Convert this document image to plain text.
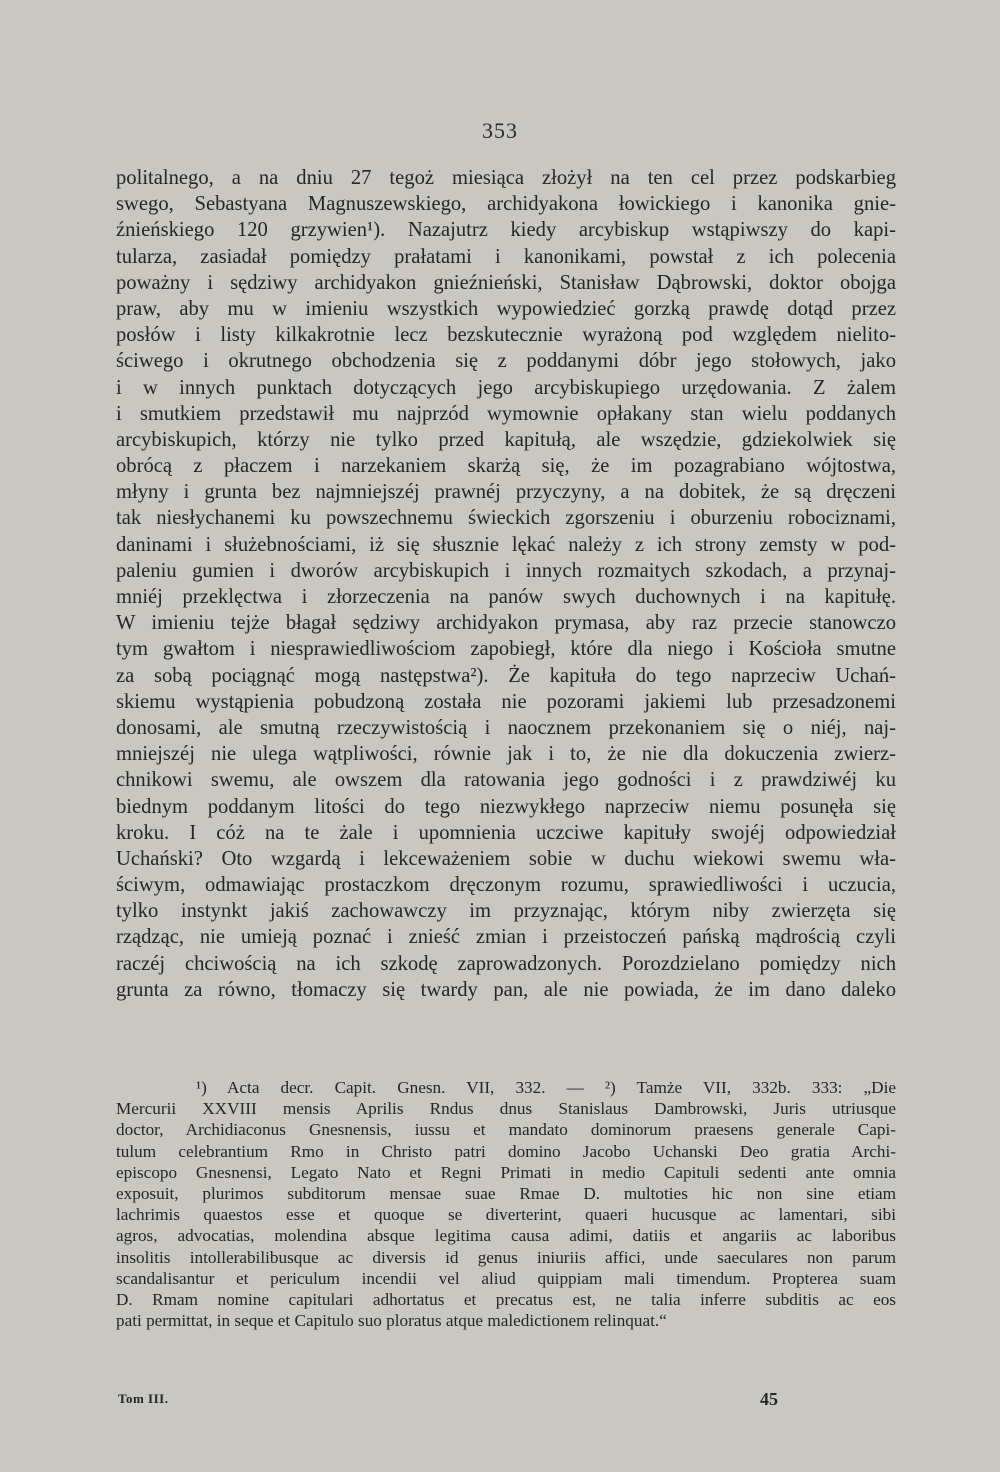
353
politalnego, a na dniu 27 tegoż miesiąca złożył na ten cel przez podskarbieg
swego, Sebastyana Magnuszewskiego, archidyakona łowickiego i kanonika gnie-
źnieńskiego 120 grzywien¹). Nazajutrz kiedy arcybiskup wstąpiwszy do kapi-
tularza, zasiadał pomiędzy prałatami i kanonikami, powstał z ich polecenia
poważny i sędziwy archidyakon gnieźnieński, Stanisław Dąbrowski, doktor obojga
praw, aby mu w imieniu wszystkich wypowiedzieć gorzką prawdę dotąd przez
posłów i listy kilkakrotnie lecz bezskutecznie wyrażoną pod względem nielito-
ściwego i okrutnego obchodzenia się z poddanymi dóbr jego stołowych, jako
i w innych punktach dotyczących jego arcybiskupiego urzędowania. Z żalem
i smutkiem przedstawił mu najprzód wymownie opłakany stan wielu poddanych
arcybiskupich, którzy nie tylko przed kapitułą, ale wszędzie, gdziekolwiek się
obrócą z płaczem i narzekaniem skarżą się, że im pozagrabiano wójtostwa,
młyny i grunta bez najmniejszéj prawnéj przyczyny, a na dobitek, że są dręczeni
tak niesłychanemi ku powszechnemu świeckich zgorszeniu i oburzeniu robociznami,
daninami i służebnościami, iż się słusznie lękać należy z ich strony zemsty w pod-
paleniu gumien i dworów arcybiskupich i innych rozmaitych szkodach, a przynaj-
mniéj przeklęctwa i złorzeczenia na panów swych duchownych i na kapitułę.
W imieniu tejże błagał sędziwy archidyakon prymasa, aby raz przecie stanowczo
tym gwałtom i niesprawiedliwościom zapobiegł, które dla niego i Kościoła smutne
za sobą pociągnąć mogą następstwa²). Że kapituła do tego naprzeciw Uchań-
skiemu wystąpienia pobudzoną została nie pozorami jakiemi lub przesadzonemi
donosami, ale smutną rzeczywistością i naocznem przekonaniem się o niéj, naj-
mniejszéj nie ulega wątpliwości, równie jak i to, że nie dla dokuczenia zwierz-
chnikowi swemu, ale owszem dla ratowania jego godności i z prawdziwéj ku
biednym poddanym litości do tego niezwykłego naprzeciw niemu posunęła się
kroku. I cóż na te żale i upomnienia uczciwe kapituły swojéj odpowiedział
Uchański? Oto wzgardą i lekceważeniem sobie w duchu wiekowi swemu wła-
ściwym, odmawiając prostaczkom dręczonym rozumu, sprawiedliwości i uczucia,
tylko instynkt jakiś zachowawczy im przyznając, którym niby zwierzęta się
rządząc, nie umieją poznać i znieść zmian i przeistoczeń pańską mądrością czyli
raczéj chciwością na ich szkodę zaprowadzonych. Porozdzielano pomiędzy nich
grunta za równo, tłomaczy się twardy pan, ale nie powiada, że im dano daleko
¹) Acta decr. Capit. Gnesn. VII, 332. — ²) Tamże VII, 332b. 333: „Die
Mercurii XXVIII mensis Aprilis Rndus dnus Stanislaus Dambrowski, Juris utriusque
doctor, Archidiaconus Gnesnensis, iussu et mandato dominorum praesens generale Capi-
tulum celebrantium Rmo in Christo patri domino Jacobo Uchanski Deo gratia Archi-
episcopo Gnesnensi, Legato Nato et Regni Primati in medio Capituli sedenti ante omnia
exposuit, plurimos subditorum mensae suae Rmae D. multoties hic non sine etiam
lachrimis quaestos esse et quoque se diverterint, quaeri hucusque ac lamentari, sibi
agros, advocatias, molendina absque legitima causa adimi, datiis et angariis ac laboribus
insolitis intollerabilibusque ac diversis id genus iniuriis affici, unde saeculares non parum
scandalisantur et periculum incendii vel aliud quippiam mali timendum. Propterea suam
D. Rmam nomine capitulari adhortatus et precatus est, ne talia inferre subditis ac eos
pati permittat, in seque et Capitulo suo ploratus atque maledictionem relinquat.“
Tom III.	45
